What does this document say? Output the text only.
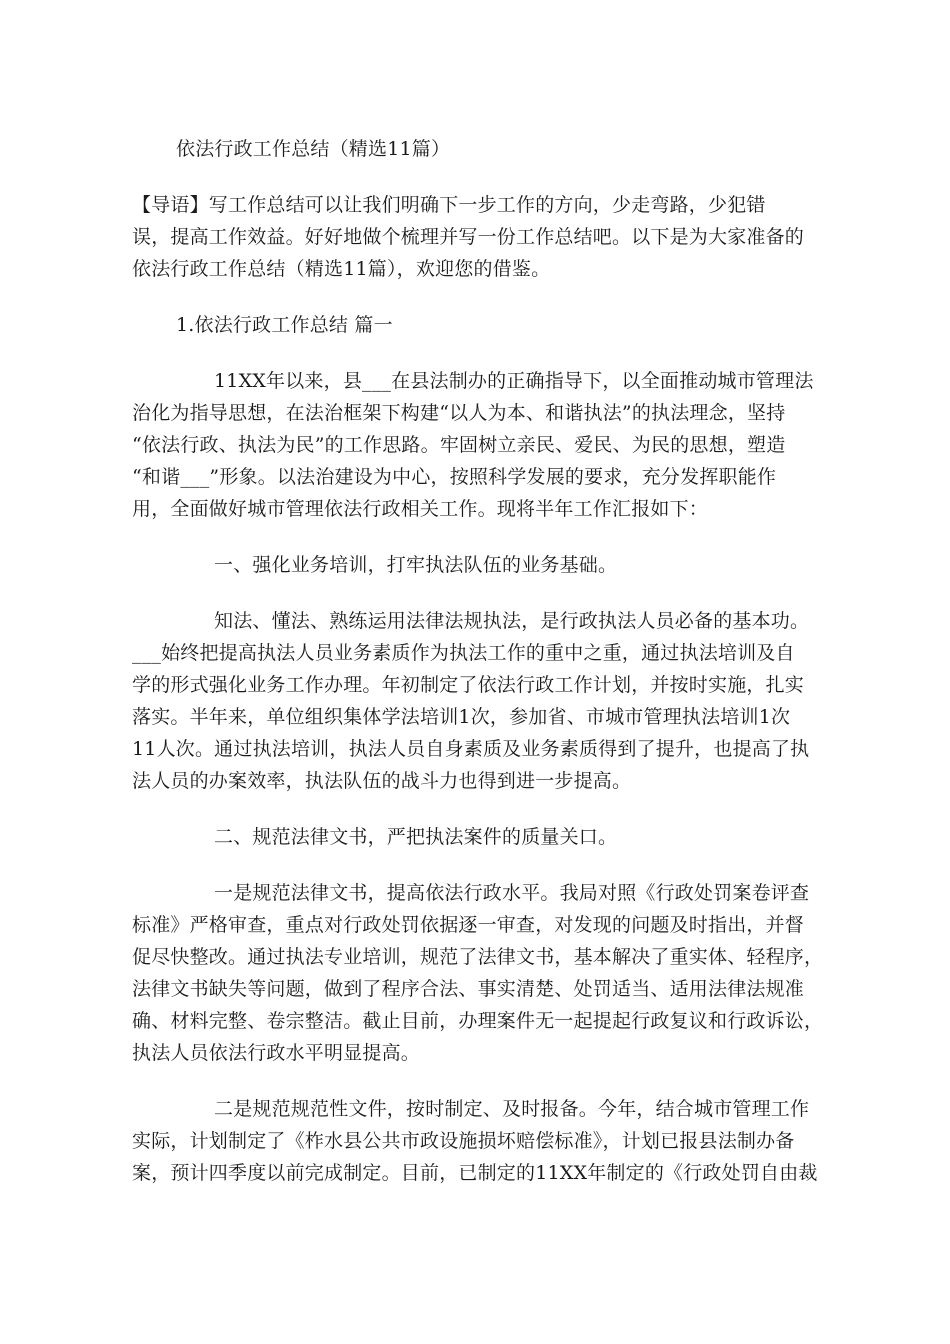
依法行政工作总结（精选11篇）

【导语】写工作总结可以让我们明确下一步工作的方向，少走弯路，少犯错

误，提高工作效益。好好地做个梳理并写一份工作总结吧。以下是为大家准备的

依法行政工作总结（精选11篇），欢迎您的借鉴。

1.依法行政工作总结 篇一

11XX年以来，县___在县法制办的正确指导下，以全面推动城市管理法

治化为指导思想，在法治框架下构建“以人为本、和谐执法”的执法理念，坚持

“依法行政、执法为民”的工作思路。牢固树立亲民、爱民、为民的思想，塑造

“和谐___”形象。以法治建设为中心，按照科学发展的要求，充分发挥职能作

用，全面做好城市管理依法行政相关工作。现将半年工作汇报如下：

一、强化业务培训，打牢执法队伍的业务基础。

知法、懂法、熟练运用法律法规执法，是行政执法人员必备的基本功。

___始终把提高执法人员业务素质作为执法工作的重中之重，通过执法培训及自

学的形式强化业务工作办理。年初制定了依法行政工作计划，并按时实施，扎实

落实。半年来，单位组织集体学法培训1次，参加省、市城市管理执法培训1次

11人次。通过执法培训，执法人员自身素质及业务素质得到了提升，也提高了执

法人员的办案效率，执法队伍的战斗力也得到进一步提高。

二、规范法律文书，严把执法案件的质量关口。

一是规范法律文书，提高依法行政水平。我局对照《行政处罚案卷评查

标准》严格审查，重点对行政处罚依据逐一审查，对发现的问题及时指出，并督

促尽快整改。通过执法专业培训，规范了法律文书，基本解决了重实体、轻程序，

法律文书缺失等问题，做到了程序合法、事实清楚、处罚适当、适用法律法规准

确、材料完整、卷宗整洁。截止目前，办理案件无一起提起行政复议和行政诉讼，

执法人员依法行政水平明显提高。

二是规范规范性文件，按时制定、及时报备。今年，结合城市管理工作

实际，计划制定了《柞水县公共市政设施损坏赔偿标准》，计划已报县法制办备

案，预计四季度以前完成制定。目前，已制定的11XX年制定的《行政处罚自由裁
